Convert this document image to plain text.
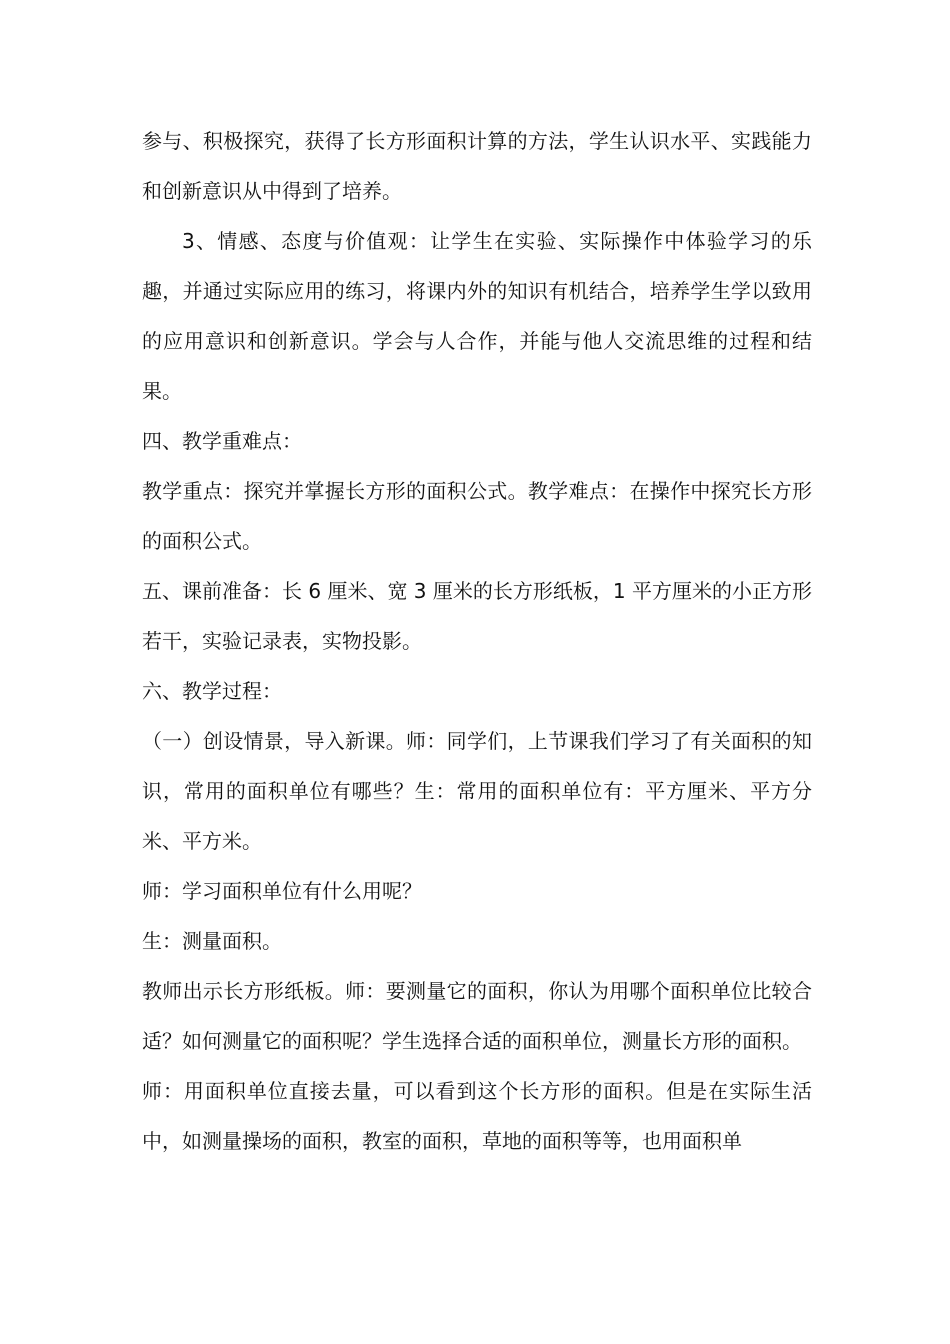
参与、积极探究，获得了长方形面积计算的方法，学生认识水平、实践能力和创新意识从中得到了培养。

3、情感、态度与价值观：让学生在实验、实际操作中体验学习的乐趣，并通过实际应用的练习，将课内外的知识有机结合，培养学生学以致用的应用意识和创新意识。学会与人合作，并能与他人交流思维的过程和结果。

四、教学重难点：

教学重点：探究并掌握长方形的面积公式。教学难点：在操作中探究长方形的面积公式。

五、课前准备：长 6 厘米、宽 3 厘米的长方形纸板，1 平方厘米的小正方形若干，实验记录表，实物投影。

六、教学过程：

（一）创设情景，导入新课。师：同学们，上节课我们学习了有关面积的知识，常用的面积单位有哪些？生：常用的面积单位有：平方厘米、平方分米、平方米。

师：学习面积单位有什么用呢？

生：测量面积。

教师出示长方形纸板。师：要测量它的面积，你认为用哪个面积单位比较合适？如何测量它的面积呢？学生选择合适的面积单位，测量长方形的面积。

师：用面积单位直接去量，可以看到这个长方形的面积。但是在实际生活中，如测量操场的面积，教室的面积，草地的面积等等，也用面积单
